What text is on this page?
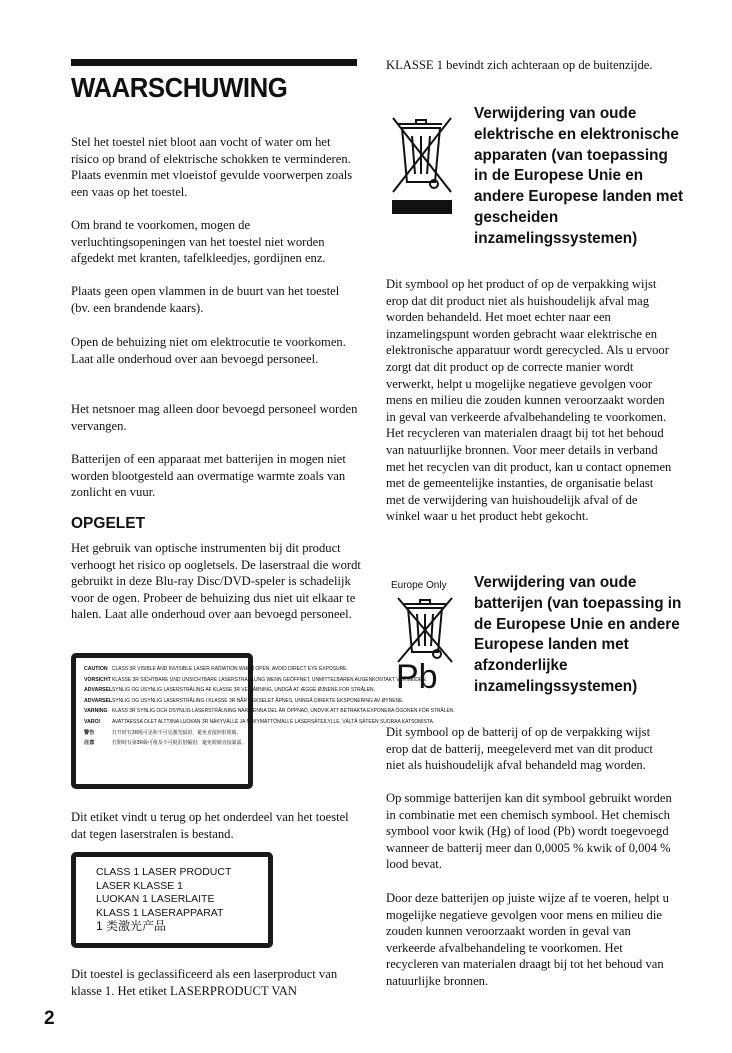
WAARSCHUWING

Stel het toestel niet bloot aan vocht of water om het risico op brand of elektrische schokken te verminderen. Plaats evenmin met vloeistof gevulde voorwerpen zoals een vaas op het toestel.

Om brand te voorkomen, mogen de verluchtingsopeningen van het toestel niet worden afgedekt met kranten, tafelkleedjes, gordijnen enz.

Plaats geen open vlammen in de buurt van het toestel (bv. een brandende kaars).

Open de behuizing niet om elektrocutie te voorkomen. Laat alle onderhoud over aan bevoegd personeel.

Het netsnoer mag alleen door bevoegd personeel worden vervangen.

Batterijen of een apparaat met batterijen in mogen niet worden blootgesteld aan overmatige warmte zoals van zonlicht en vuur.

OPGELET

Het gebruik van optische instrumenten bij dit product verhoogt het risico op oogletsels. De laserstraal die wordt gebruikt in deze Blu-ray Disc/DVD-speler is schadelijk voor de ogen. Probeer de behuizing dus niet uit elkaar te halen. Laat alle onderhoud over aan bevoegd personeel.

CAUTION CLASS 3R VISIBLE AND INVISIBLE LASER RADIATION WHEN OPEN, AVOID DIRECT EYE EXPOSURE.
VORSICHT KLASSE 3R SICHTBARE UND UNSICHTBARE LASERSTRAHLUNG WENN GEÖFFNET, UNMITTELBAREN AUGENKONTAKT VERMEIDEN.
ADVARSEL SYNLIG OG USYNLIG LASERSTRÅLING AF KLASSE 3R VED ÅBNING, UNDGÅ AT ÆGGE ØJNENE FOR STRÅLEN.
ADVARSEL SYNLIG OG USYNLIG LASERSTRÅLING I KLASSE 3R NÅR DEKSELET ÅPNES, UNNGÅ DIREKTE EKSPONERING AV ØYNENE.
VARNING KLASS 3R SYNLIG OCH OSYNLIG LASERSTRÅLNING NÄR DENNA DEL ÄR ÖPPNAD, UNDVIK ATT BETRAKTA EXPONERA ÖGONEN FÖR STRÅLEN.
VARO!	AVATTAESSA OLET ALTTIINA LUOKAN 3R NÄKYVÄLLE JA NÄKYMÄTTÖMÄLLE LASERSÄTEILYLLE, VÄLTÄ SÄTEEN SUORAA KATSOMISTA.
警告	打开时有3R级可见和不可见激光辐射，避免直接照射眼睛。
注意	打開時有第3R級可視及不可視雷射輻射，避免眼睛直接暴露。

Dit etiket vindt u terug op het onderdeel van het toestel dat tegen laserstralen is bestand.

CLASS 1 LASER PRODUCT
LASER KLASSE 1
LUOKAN 1 LASERLAITE
KLASS 1 LASERAPPARAT
1 类激光产品

Dit toestel is geclassificeerd als een laserproduct van klasse 1. Het etiket LASERPRODUCT VAN

2

KLASSE 1 bevindt zich achteraan op de buitenzijde.

Verwijdering van oude elektrische en elektronische apparaten (van toepassing in de Europese Unie en andere Europese landen met gescheiden inzamelingssystemen)

Dit symbool op het product of op de verpakking wijst erop dat dit product niet als huishoudelijk afval mag worden behandeld. Het moet echter naar een inzamelingspunt worden gebracht waar elektrische en elektronische apparatuur wordt gerecycled. Als u ervoor zorgt dat dit product op de correcte manier wordt verwerkt, helpt u mogelijke negatieve gevolgen voor mens en milieu die zouden kunnen veroorzaakt worden in geval van verkeerde afvalbehandeling te voorkomen. Het recycleren van materialen draagt bij tot het behoud van natuurlijke bronnen. Voor meer details in verband met het recyclen van dit product, kan u contact opnemen met de gemeentelijke instanties, de organisatie belast met de verwijdering van huishoudelijk afval of de winkel waar u het product hebt gekocht.

Europe Only
Pb
Verwijdering van oude batterijen (van toepassing in de Europese Unie en andere Europese landen met afzonderlijke inzamelingssystemen)

Dit symbool op de batterij of op de verpakking wijst erop dat de batterij, meegeleverd met van dit product niet als huishoudelijk afval behandeld mag worden.

Op sommige batterijen kan dit symbool gebruikt worden in combinatie met een chemisch symbool. Het chemisch symbool voor kwik (Hg) of lood (Pb) wordt toegevoegd wanneer de batterij meer dan 0,0005 % kwik of 0,004 % lood bevat.

Door deze batterijen op juiste wijze af te voeren, helpt u mogelijke negatieve gevolgen voor mens en milieu die zouden kunnen veroorzaakt worden in geval van verkeerde afvalbehandeling te voorkomen. Het recycleren van materialen draagt bij tot het behoud van natuurlijke bronnen.
